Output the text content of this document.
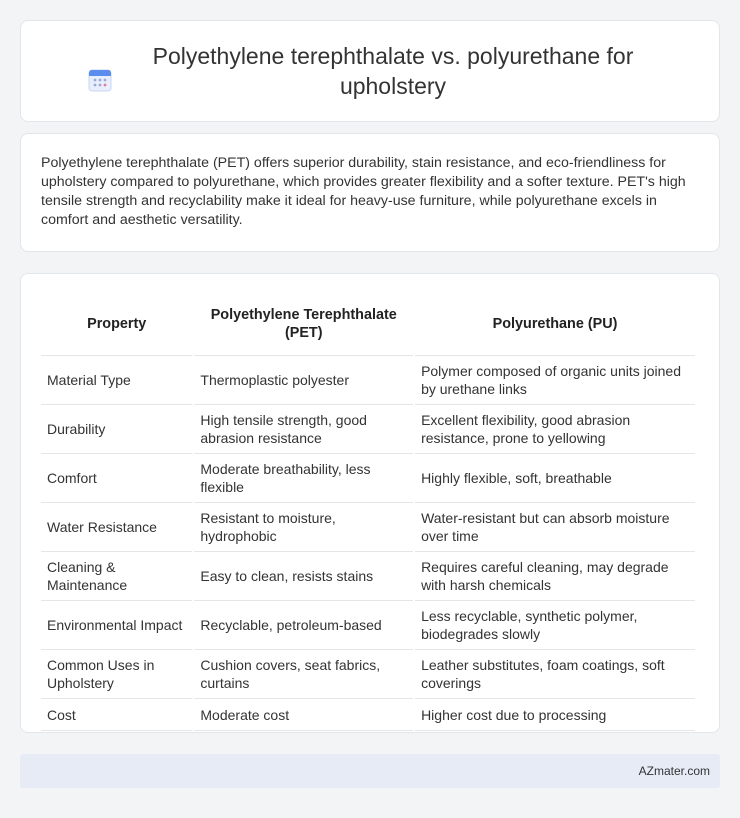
Polyethylene terephthalate vs. polyurethane for upholstery

Polyethylene terephthalate (PET) offers superior durability, stain resistance, and eco-friendliness for upholstery compared to polyurethane, which provides greater flexibility and a softer texture. PET's high tensile strength and recyclability make it ideal for heavy-use furniture, while polyurethane excels in comfort and aesthetic versatility.

Property	Polyethylene Terephthalate (PET)	Polyurethane (PU)
Material Type	Thermoplastic polyester	Polymer composed of organic units joined by urethane links
Durability	High tensile strength, good abrasion resistance	Excellent flexibility, good abrasion resistance, prone to yellowing
Comfort	Moderate breathability, less flexible	Highly flexible, soft, breathable
Water Resistance	Resistant to moisture, hydrophobic	Water-resistant but can absorb moisture over time
Cleaning & Maintenance	Easy to clean, resists stains	Requires careful cleaning, may degrade with harsh chemicals
Environmental Impact	Recyclable, petroleum-based	Less recyclable, synthetic polymer, biodegrades slowly
Common Uses in Upholstery	Cushion covers, seat fabrics, curtains	Leather substitutes, foam coatings, soft coverings
Cost	Moderate cost	Higher cost due to processing
AZmater.com
